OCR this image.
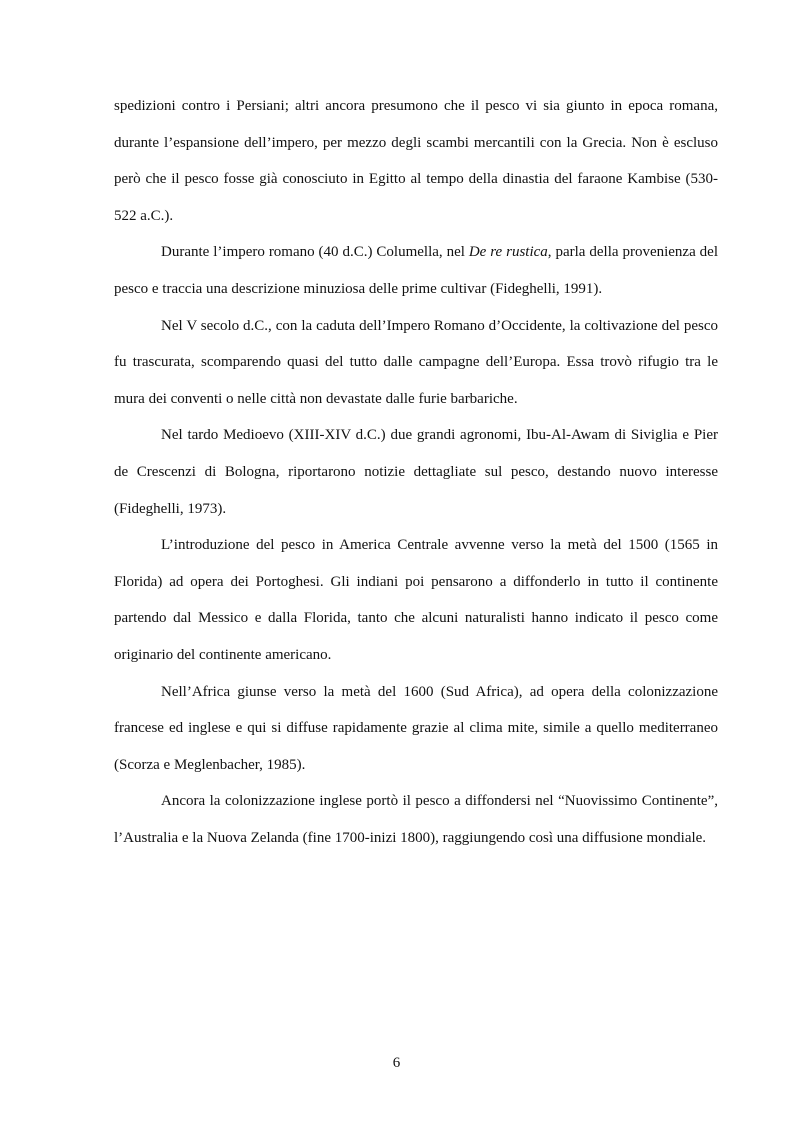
spedizioni contro i Persiani; altri ancora presumono che il pesco vi sia giunto in epoca romana, durante l’espansione dell’impero, per mezzo degli scambi mercantili con la Grecia. Non è escluso però che il pesco fosse già conosciuto in Egitto al tempo della dinastia del faraone Kambise (530-522 a.C.).

Durante l’impero romano (40 d.C.) Columella, nel De re rustica, parla della provenienza del pesco e traccia una descrizione minuziosa delle prime cultivar (Fideghelli, 1991).

Nel V secolo d.C., con la caduta dell’Impero Romano d’Occidente, la coltivazione del pesco fu trascurata, scomparendo quasi del tutto dalle campagne dell’Europa. Essa trovò rifugio tra le mura dei conventi o nelle città non devastate dalle furie barbariche.

Nel tardo Medioevo (XIII-XIV d.C.) due grandi agronomi, Ibu-Al-Awam di Siviglia e Pier de Crescenzi di Bologna, riportarono notizie dettagliate sul pesco, destando nuovo interesse (Fideghelli, 1973).

L’introduzione del pesco in America Centrale avvenne verso la metà del 1500 (1565 in Florida) ad opera dei Portoghesi. Gli indiani poi pensarono a diffonderlo in tutto il continente partendo dal Messico e dalla Florida, tanto che alcuni naturalisti hanno indicato il pesco come originario del continente americano.

Nell’Africa giunse verso la metà del 1600 (Sud Africa), ad opera della colonizzazione francese ed inglese e qui si diffuse rapidamente grazie al clima mite, simile a quello mediterraneo (Scorza e Meglenbacher, 1985).

Ancora la colonizzazione inglese portò il pesco a diffondersi nel “Nuovissimo Continente”, l’Australia e la Nuova Zelanda (fine 1700-inizi 1800), raggiungendo così una diffusione mondiale.

6
